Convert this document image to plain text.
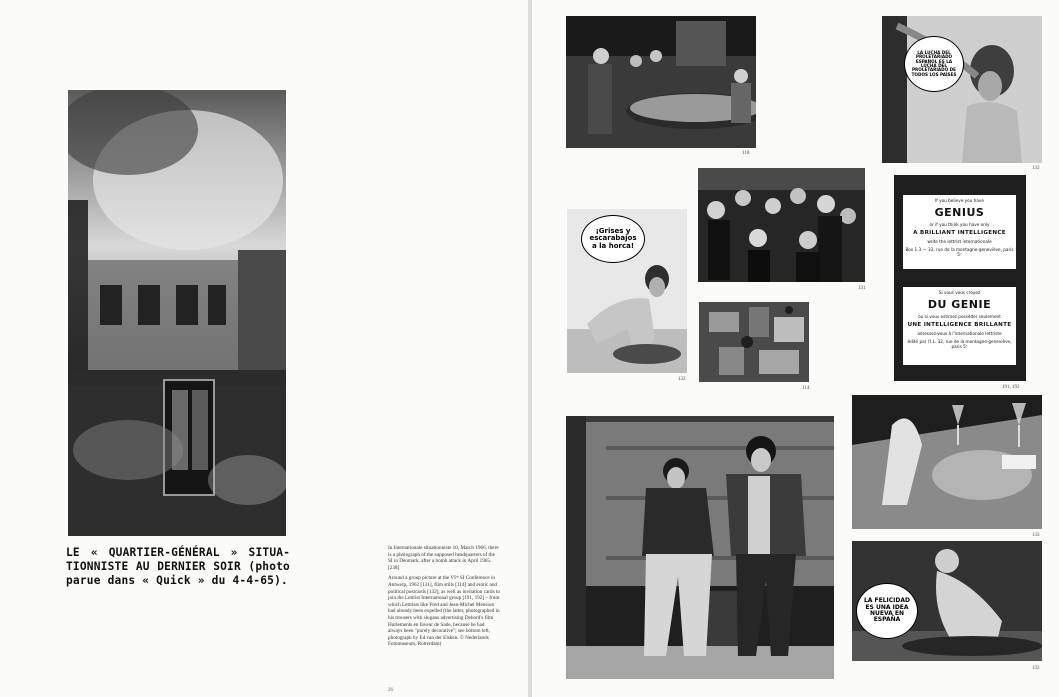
LE « QUARTIER-GÉNÉRAL » SITUATIONNISTE AU DERNIER SOIR (photo parue dans « Quick » du 4-4-65).

In Internationale situationniste 10, March 1966, there is a photograph of the supposed headquarters of the SI in Denmark, after a bomb attack in April 1965. [238]

Around a group picture at the VIᵗʰ SI Conference in Antwerp, 1962 [131], film stills [114] and erotic and political postcards [132], as well as invitation cards to join the Lettrist International group [191, 192] – from which Lettrists like Fred and Jean-Michel Mension had already been expelled (the latter, photographed in his trousers with slogans advertising Debord's film Hurlements en faveur de Sade, because he had always been "purely decorative"; see bottom left, photograph by Ed van der Elsken. © Nederlands Fotomuseum, Rotterdam)

26
118
LA LUCHA DEL PROLETARIADO ESPAÑOL ES LA LUCHA DEL PROLETARIADO DE TODOS LOS PAÍSES
132
131
If you believe you have
GENIUS
or if you think you have only
A BRILLIANT INTELLIGENCE
write the lettrist internationale
Box 1.3 — 32, rue de la montagne-geneviève, paris 5ᵉ
Si vous vous croyez
DU GENIE
ou si vous estimez posséder seulement
UNE INTELLIGENCE BRILLANTE
adressez-vous à l'internationale lettriste
édité par l'I.L. 32, rue de la montagne-geneviève, paris 5ᵉ
191, 192
¡Grises y escarabajos a la horca!
132
114
133
LA FELICIDAD ES UNA IDEA NUEVA EN ESPAÑA
132
